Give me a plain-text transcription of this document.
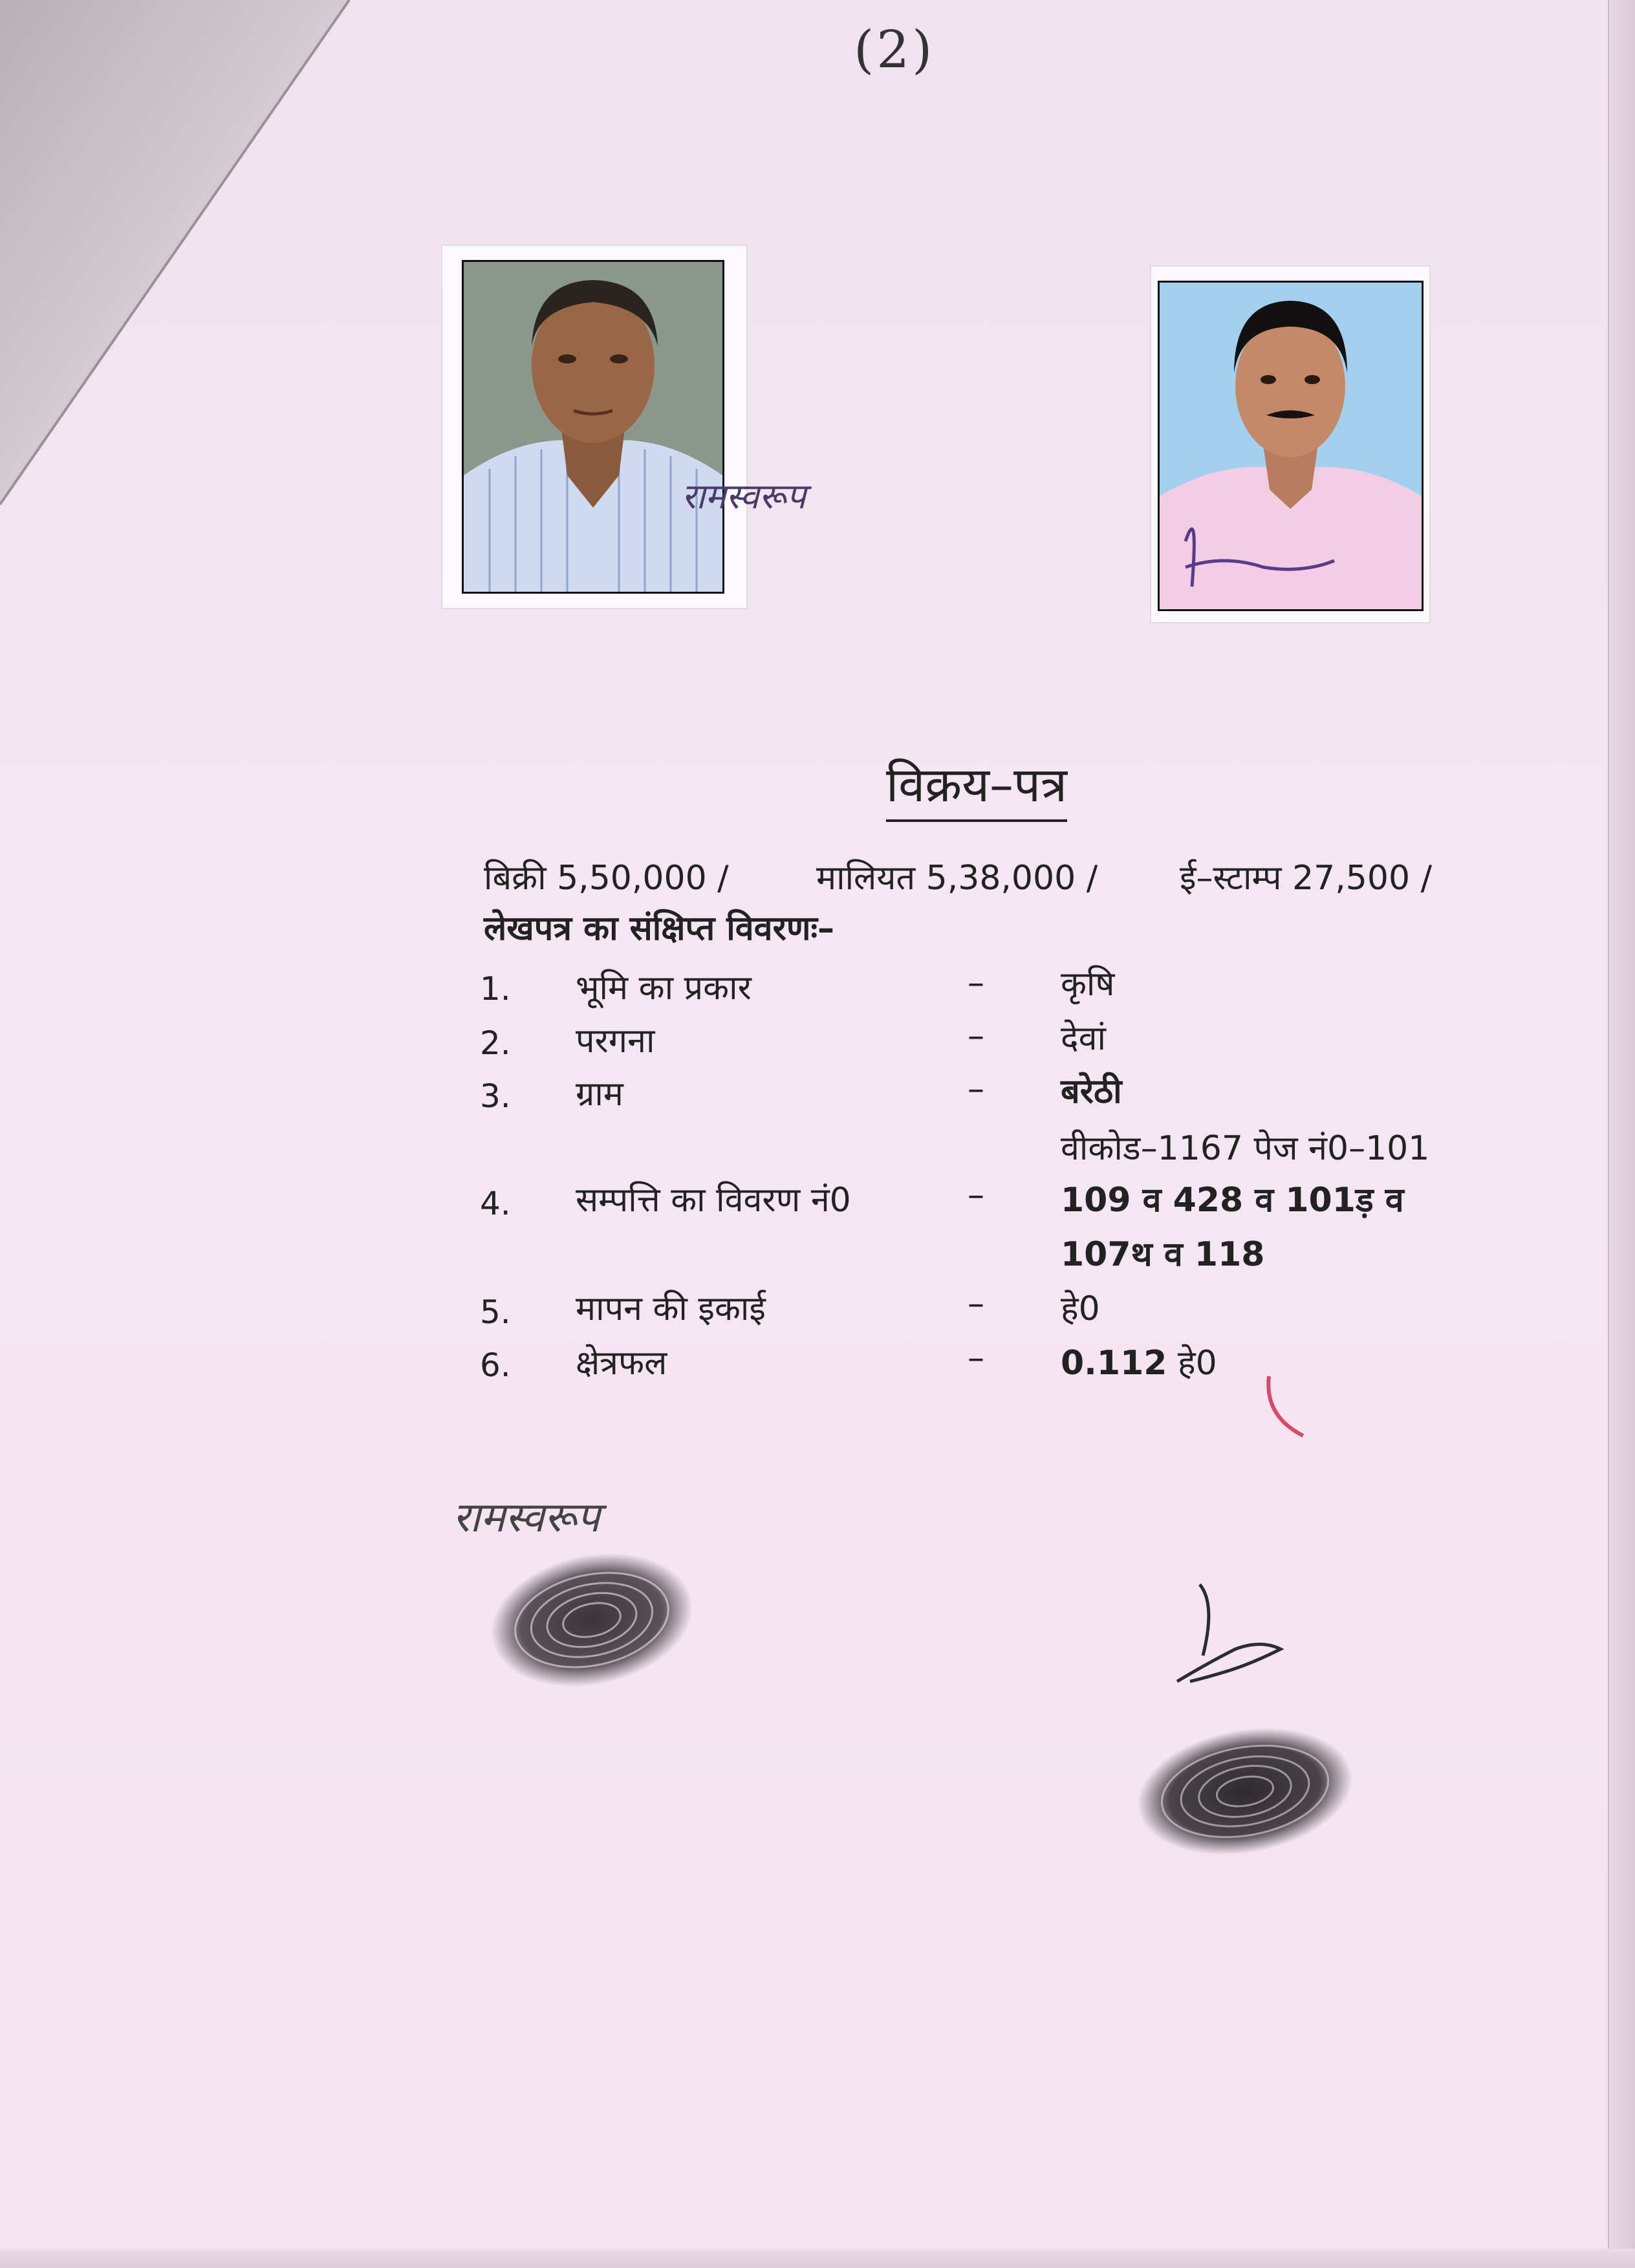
(2)
रामस्वरूप
विक्रय–पत्र
बिक्री 5,50,000 /	मालियत 5,38,000 / ई–स्टाम्प 27,500 /
लेखपत्र का संक्षिप्त विवरणः–
1. भूमि का प्रकार	– कृषि
2. परगना	– देवां
3. ग्राम	– बरेठी
वीकोड–1167 पेज नं0–101
4. सम्पत्ति का विवरण नं0	– 109 व 428 व 101ड़ व
107थ व 118
5. मापन की इकाई	– हे0
6. क्षेत्रफल	– 0.112 हे0
रामस्वरूप
